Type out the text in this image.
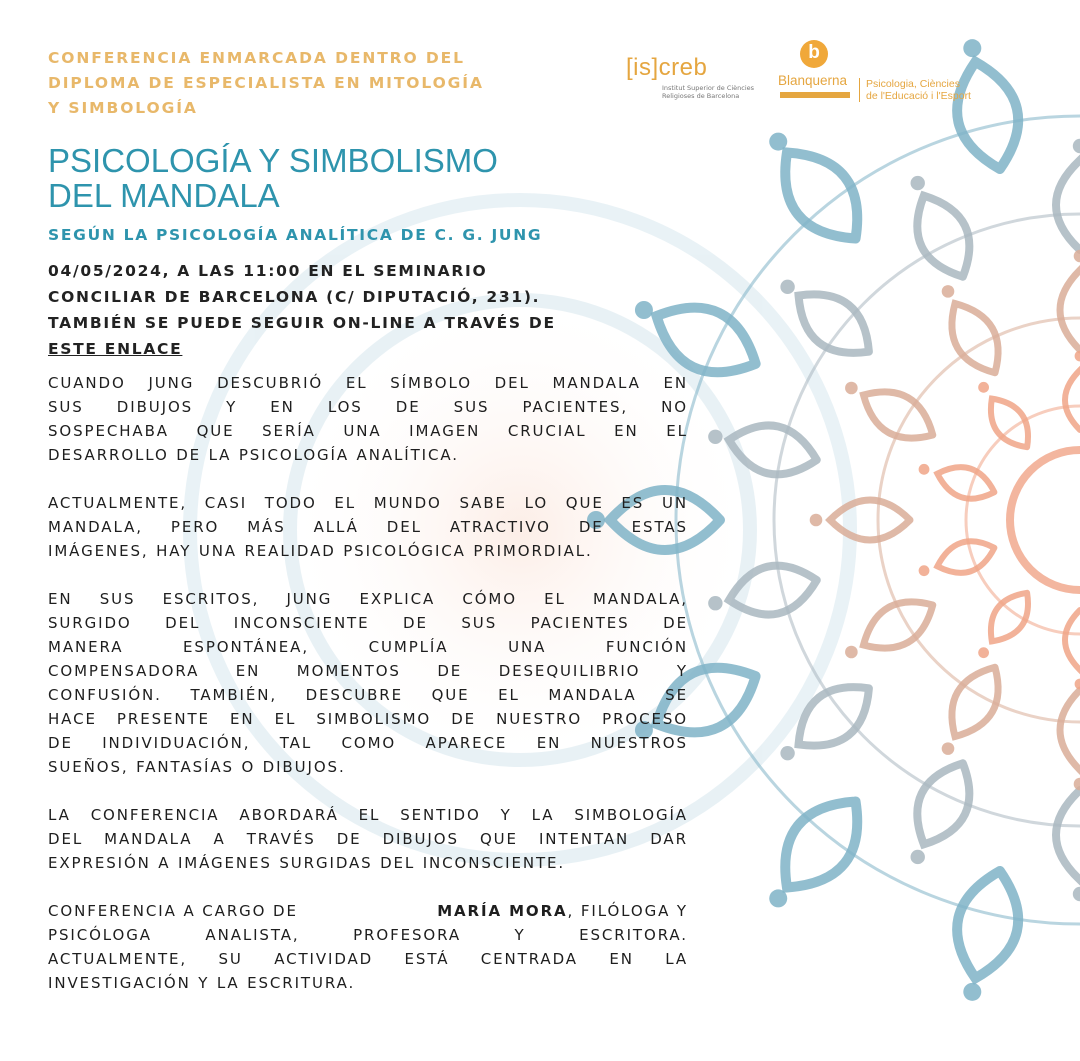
[is]creb
Institut Superior de Ciències
Religioses de Barcelona
b
Blanquerna Psicologia, Ciències
de l'Educació i l'Esport
CONFERENCIA ENMARCADA DENTRO DEL
DIPLOMA DE ESPECIALISTA EN MITOLOGÍA
Y SIMBOLOGÍA
PSICOLOGÍA Y SIMBOLISMO
DEL MANDALA
SEGÚN LA PSICOLOGÍA ANALÍTICA DE C. G. JUNG
04/05/2024, A LAS 11:00 EN EL SEMINARIO
CONCILIAR DE BARCELONA (C/ DIPUTACIÓ, 231).
TAMBIÉN SE PUEDE SEGUIR ON-LINE A TRAVÉS DE
ESTE ENLACE
CUANDO JUNG DESCUBRIÓ EL SÍMBOLO DEL MANDALA EN
SUS DIBUJOS Y EN LOS DE SUS PACIENTES, NO
SOSPECHABA QUE SERÍA UNA IMAGEN CRUCIAL EN EL
DESARROLLO DE LA PSICOLOGÍA ANALÍTICA.
ACTUALMENTE, CASI TODO EL MUNDO SABE LO QUE ES UN
MANDALA, PERO MÁS ALLÁ DEL ATRACTIVO DE ESTAS
IMÁGENES, HAY UNA REALIDAD PSICOLÓGICA PRIMORDIAL.
EN SUS ESCRITOS, JUNG EXPLICA CÓMO EL MANDALA,
SURGIDO DEL INCONSCIENTE DE SUS PACIENTES DE
MANERA	ESPONTÁNEA,	CUMPLÍA	UNA	FUNCIÓN
COMPENSADORA EN MOMENTOS DE DESEQUILIBRIO Y
CONFUSIÓN. TAMBIÉN, DESCUBRE QUE EL MANDALA SE
HACE PRESENTE EN EL SIMBOLISMO DE NUESTRO PROCESO
DE INDIVIDUACIÓN, TAL COMO APARECE EN NUESTROS
SUEÑOS, FANTASÍAS O DIBUJOS.
LA CONFERENCIA ABORDARÁ EL SENTIDO Y LA SIMBOLOGÍA
DEL MANDALA A TRAVÉS DE DIBUJOS QUE INTENTAN DAR
EXPRESIÓN A IMÁGENES SURGIDAS DEL INCONSCIENTE.
CONFERENCIA A CARGO DE	MARÍA MORA, FILÓLOGA Y
PSICÓLOGA	ANALISTA,	PROFESORA	Y	ESCRITORA.
ACTUALMENTE, SU ACTIVIDAD ESTÁ CENTRADA EN LA
INVESTIGACIÓN Y LA ESCRITURA.
